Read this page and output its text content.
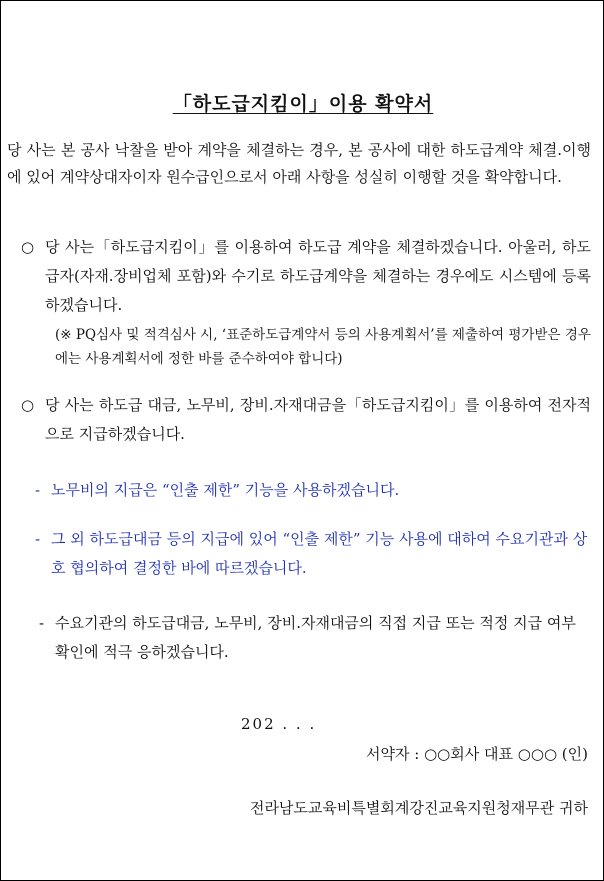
「하도급지킴이」이용 확약서
당 사는 본 공사 낙찰을 받아 계약을 체결하는 경우, 본 공사에 대한 하도급계약 체결.이행에 있어 계약상대자이자 원수급인으로서 아래 사항을 성실히 이행할 것을 확약합니다.
○ 당 사는「하도급지킴이」를 이용하여 하도급 계약을 체결하겠습니다. 아울러, 하도급자(자재.장비업체 포함)와 수기로 하도급계약을 체결하는 경우에도 시스템에 등록하겠습니다.
(※ PQ심사 및 적격심사 시, ‘표준하도급계약서 등의 사용계획서’를 제출하여 평가받은 경우에는 사용계획서에 정한 바를 준수하여야 합니다)
○ 당 사는 하도급 대금, 노무비, 장비.자재대금을「하도급지킴이」를 이용하여 전자적으로 지급하겠습니다.
- 노무비의 지급은 “인출 제한” 기능을 사용하겠습니다.
- 그 외 하도급대금 등의 지급에 있어 “인출 제한” 기능 사용에 대하여 수요기관과 상호 협의하여 결정한 바에 따르겠습니다.
- 수요기관의 하도급대금, 노무비, 장비.자재대금의 직접 지급 또는 적정 지급 여부 확인에 적극 응하겠습니다.
202 . . .
서약자 : ○○회사 대표 ○○○ (인)
전라남도교육비특별회계강진교육지원청재무관 귀하
